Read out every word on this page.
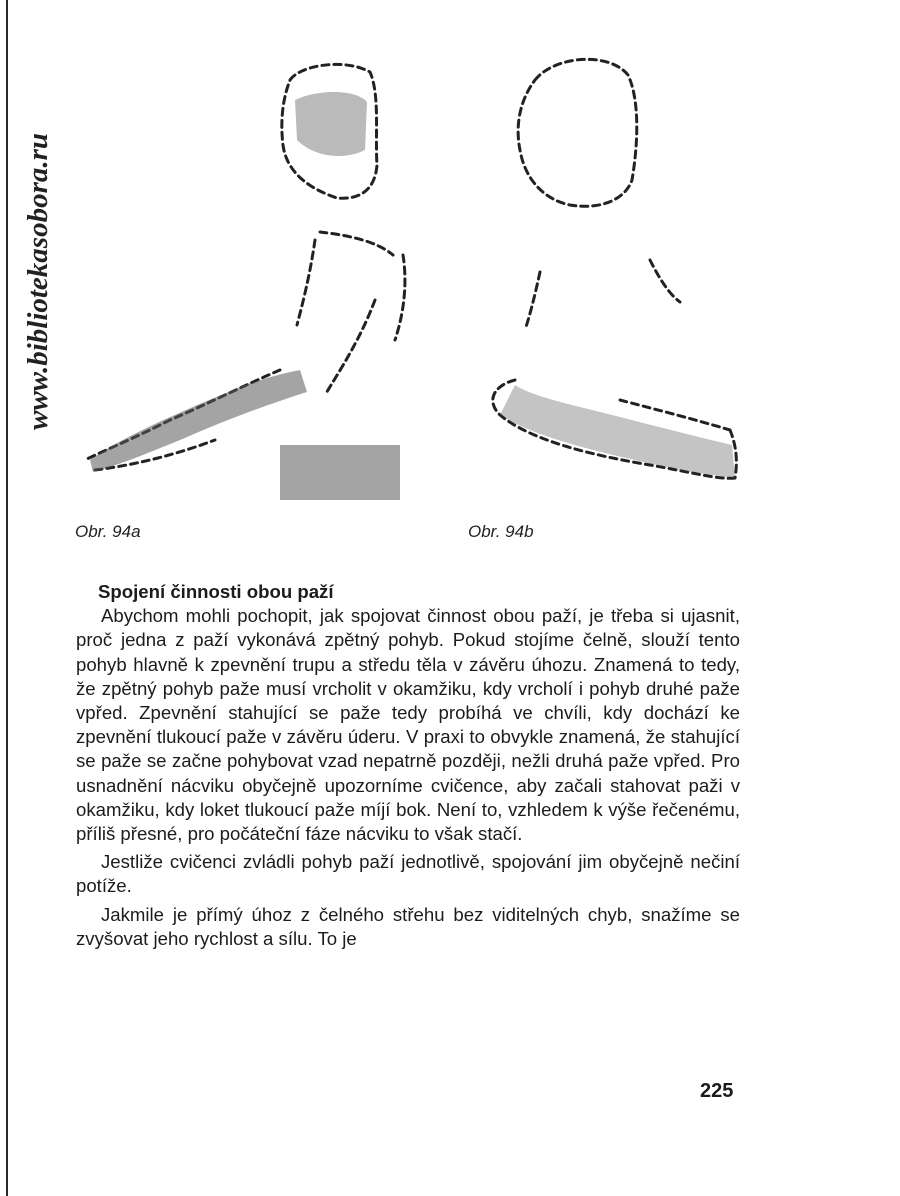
www.bibliotekasobora.ru
Obr. 94a	Obr. 94b
Spojení činnosti obou paží

Abychom mohli pochopit, jak spojovat činnost obou paží, je třeba si ujasnit, proč jedna z paží vykonává zpětný pohyb. Pokud stojíme čelně, slouží tento pohyb hlavně k zpevnění trupu a středu těla v závěru úhozu. Znamená to tedy, že zpětný pohyb paže musí vrcholit v okamžiku, kdy vrcholí i pohyb druhé paže vpřed. Zpevnění stahující se paže tedy probíhá ve chvíli, kdy dochází ke zpevnění tlukoucí paže v závěru úderu. V praxi to obvykle znamená, že stahující se paže se začne pohybovat vzad nepatrně později, nežli druhá paže vpřed. Pro usnadnění nácviku obyčejně upozorníme cvičence, aby začali stahovat paži v okamžiku, kdy loket tlukoucí paže míjí bok. Není to, vzhledem k výše řečenému, příliš přesné, pro počáteční fáze nácviku to však stačí.

Jestliže cvičenci zvládli pohyb paží jednotlivě, spojování jim obyčejně nečiní potíže.

Jakmile je přímý úhoz z čelného střehu bez viditelných chyb, snažíme se zvyšovat jeho rychlost a sílu. To je

225
